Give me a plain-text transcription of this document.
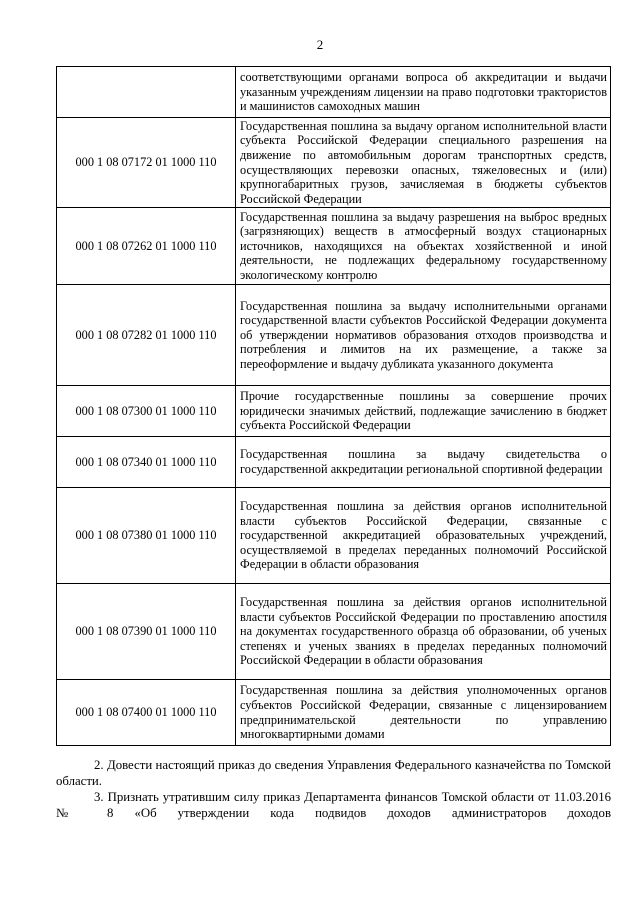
2
	соответствующими органами вопроса об аккредитации и выдачи указанным учреждениям лицензии на право подготовки трактористов и машинистов самоходных машин
000 1 08 07172 01 1000 110	Государственная пошлина за выдачу органом исполнительной власти субъекта Российской Федерации специального разрешения на движение по автомобильным дорогам транспортных средств, осуществляющих перевозки опасных, тяжеловесных и (или) крупногабаритных грузов, зачисляемая в бюджеты субъектов Российской Федерации
000 1 08 07262 01 1000 110	Государственная пошлина за выдачу разрешения на выброс вредных (загрязняющих) веществ в атмосферный воздух стационарных источников, находящихся на объектах хозяйственной и иной деятельности, не подлежащих федеральному государственному экологическому контролю
000 1 08 07282 01 1000 110	Государственная пошлина за выдачу исполнительными органами государственной власти субъектов Российской Федерации документа об утверждении нормативов образования отходов производства и потребления и лимитов на их размещение, а также за переоформление и выдачу дубликата указанного документа
000 1 08 07300 01 1000 110	Прочие государственные пошлины за совершение прочих юридически значимых действий, подлежащие зачислению в бюджет субъекта Российской Федерации
000 1 08 07340 01 1000 110	Государственная пошлина за выдачу свидетельства о государственной аккредитации региональной спортивной федерации
000 1 08 07380 01 1000 110	Государственная пошлина за действия органов исполнительной власти субъектов Российской Федерации, связанные с государственной аккредитацией образовательных учреждений, осуществляемой в пределах переданных полномочий Российской Федерации в области образования
000 1 08 07390 01 1000 110	Государственная пошлина за действия органов исполнительной власти субъектов Российской Федерации по проставлению апостиля на документах государственного образца об образовании, об ученых степенях и ученых званиях в пределах переданных полномочий Российской Федерации в области образования
000 1 08 07400 01 1000 110	Государственная пошлина за действия уполномоченных органов субъектов Российской Федерации, связанные с лицензированием предпринимательской деятельности по управлению многоквартирными домами

2. Довести настоящий приказ до сведения Управления Федерального казначейства по Томской области.

3. Признать утратившим силу приказ Департамента финансов Томской области от 11.03.2016 № 8 «Об утверждении кода подвидов доходов администраторов доходов
